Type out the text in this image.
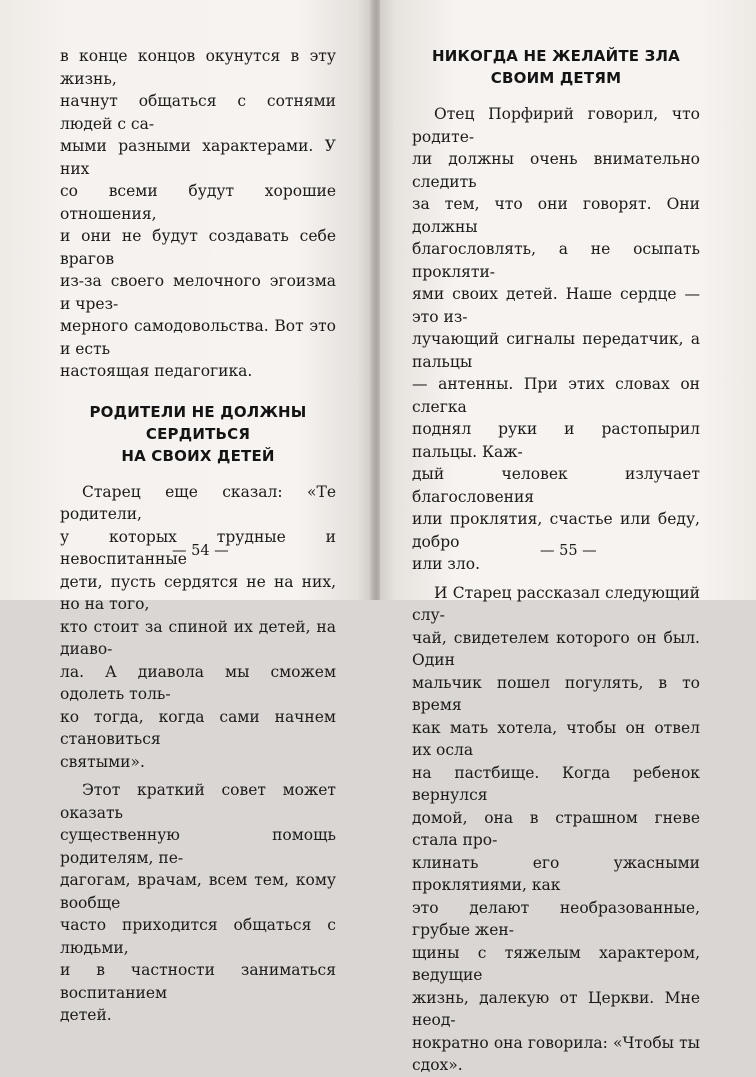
в конце концов окунутся в эту жизнь,
начнут общаться с сотнями людей с са-
мыми разными характерами. У них
со всеми будут хорошие отношения,
и они не будут создавать себе врагов
из-за своего мелочного эгоизма и чрез-
мерного самодовольства. Вот это и есть
настоящая педагогика.

РОДИТЕЛИ НЕ ДОЛЖНЫ СЕРДИТЬСЯ
НА СВОИХ ДЕТЕЙ

Старец еще сказал: «Те родители,
у которых трудные и невоспитанные
дети, пусть сердятся не на них, но на того,
кто стоит за спиной их детей, на диаво-
ла. А диавола мы сможем одолеть толь-
ко тогда, когда сами начнем становиться
святыми».

Этот краткий совет может оказать
существенную помощь родителям, пе-
дагогам, врачам, всем тем, кому вообще
часто приходится общаться с людьми,
и в частности заниматься воспитанием
детей.

— 54 —
НИКОГДА НЕ ЖЕЛАЙТЕ ЗЛА
СВОИМ ДЕТЯМ

Отец Порфирий говорил, что родите-
ли должны очень внимательно следить
за тем, что они говорят. Они должны
благословлять, а не осыпать прокляти-
ями своих детей. Наше сердце — это из-
лучающий сигналы передатчик, а пальцы
— антенны. При этих словах он слегка
поднял руки и растопырил пальцы. Каж-
дый человек излучает благословения
или проклятия, счастье или беду, добро
или зло.

И Старец рассказал следующий слу-
чай, свидетелем которого он был. Один
мальчик пошел погулять, в то время
как мать хотела, чтобы он отвел их осла
на пастбище. Когда ребенок вернулся
домой, она в страшном гневе стала про-
клинать его ужасными проклятиями, как
это делают необразованные, грубые жен-
щины с тяжелым характером, ведущие
жизнь, далекую от Церкви. Мне неод-
нократно она говорила: «Чтобы ты сдох».

— 55 —
